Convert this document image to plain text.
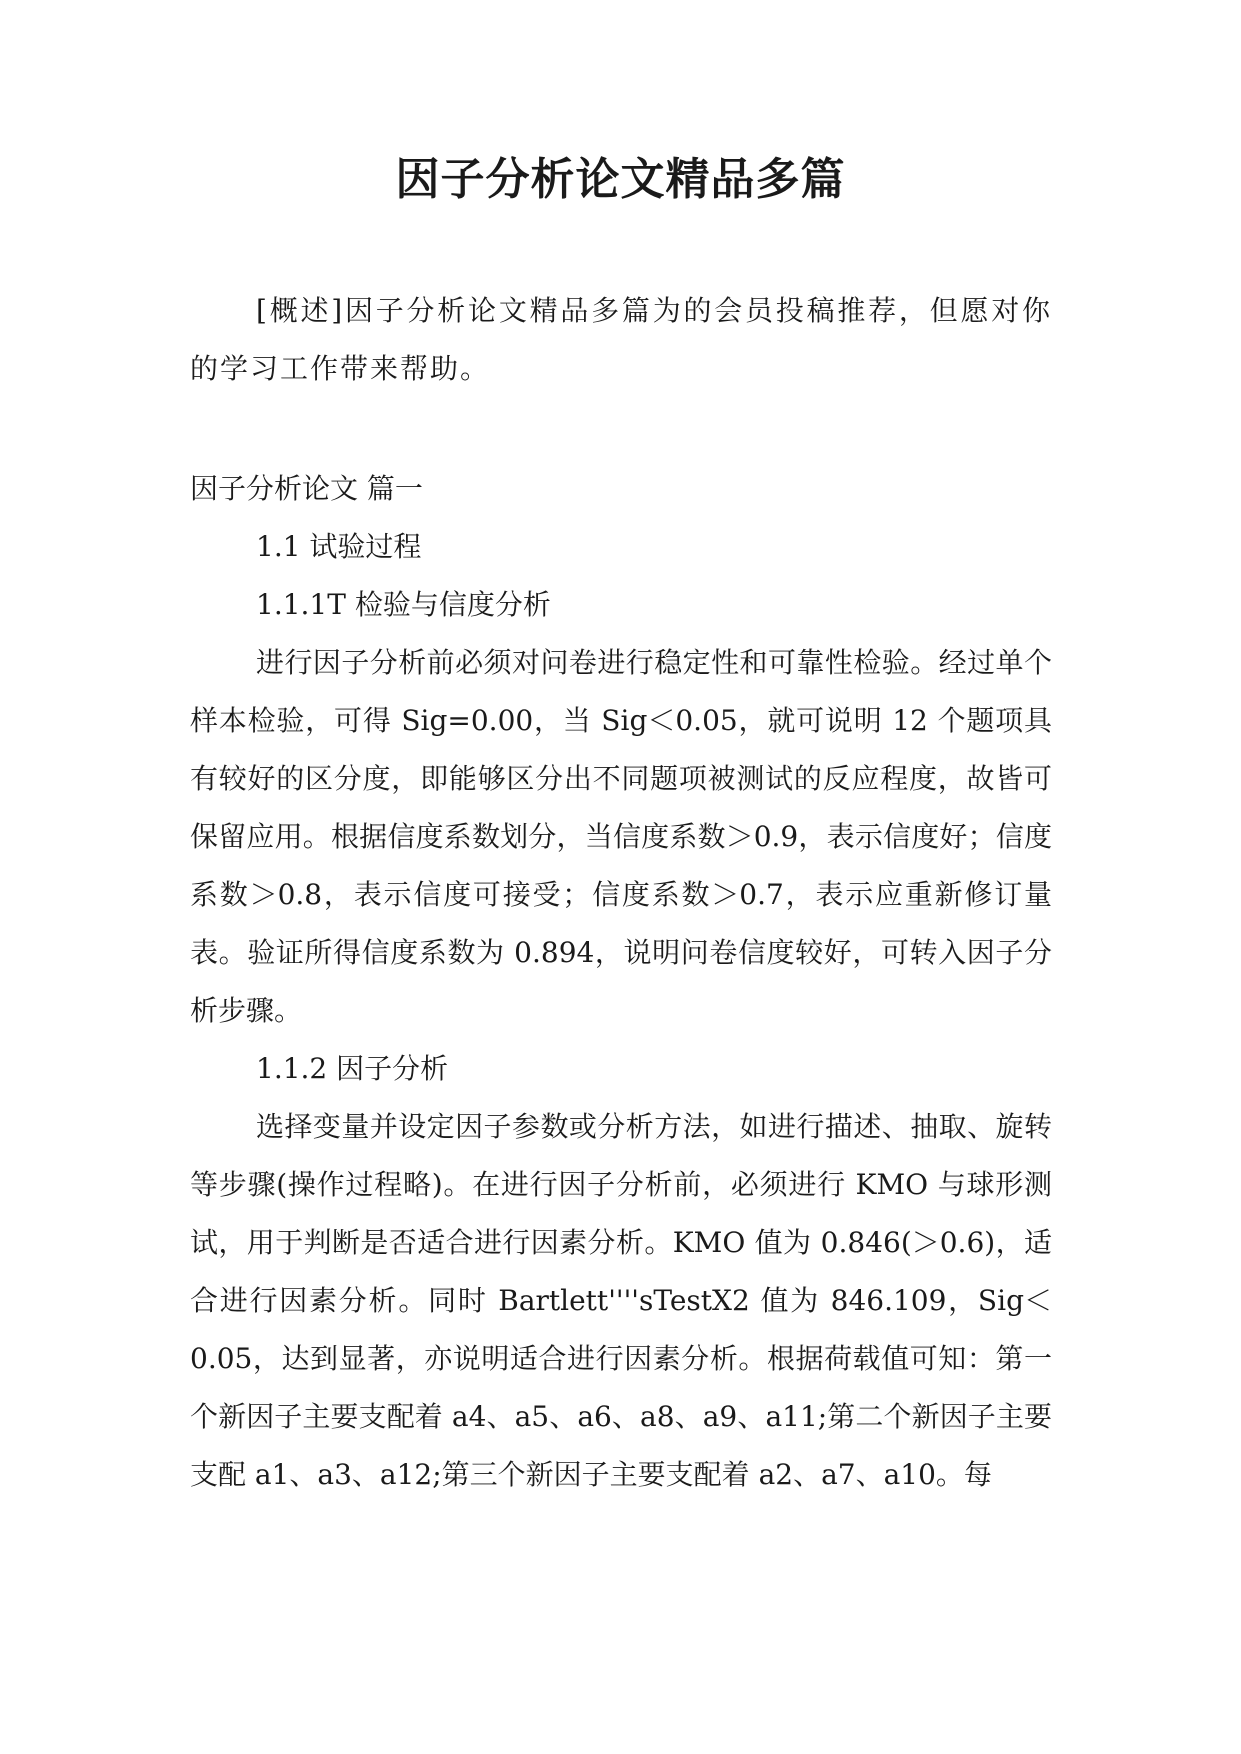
因子分析论文精品多篇

[概述]因子分析论文精品多篇为的会员投稿推荐，但愿对你的学习工作带来帮助。

因子分析论文 篇一

1.1 试验过程

1.1.1T 检验与信度分析

进行因子分析前必须对问卷进行稳定性和可靠性检验。经过单个样本检验，可得 Sig=0.00，当 Sig＜0.05，就可说明 12 个题项具有较好的区分度，即能够区分出不同题项被测试的反应程度，故皆可保留应用。根据信度系数划分，当信度系数＞0.9，表示信度好；信度系数＞0.8，表示信度可接受；信度系数＞0.7，表示应重新修订量表。验证所得信度系数为 0.894，说明问卷信度较好，可转入因子分析步骤。

1.1.2 因子分析

选择变量并设定因子参数或分析方法，如进行描述、抽取、旋转等步骤(操作过程略)。在进行因子分析前，必须进行 KMO 与球形测试，用于判断是否适合进行因素分析。KMO 值为 0.846(＞0.6)，适合进行因素分析。同时 Bartlett''''sTestX2 值为 846.109，Sig＜0.05，达到显著，亦说明适合进行因素分析。根据荷载值可知：第一个新因子主要支配着 a4、a5、a6、a8、a9、a11;第二个新因子主要支配 a1、a3、a12;第三个新因子主要支配着 a2、a7、a10。每
